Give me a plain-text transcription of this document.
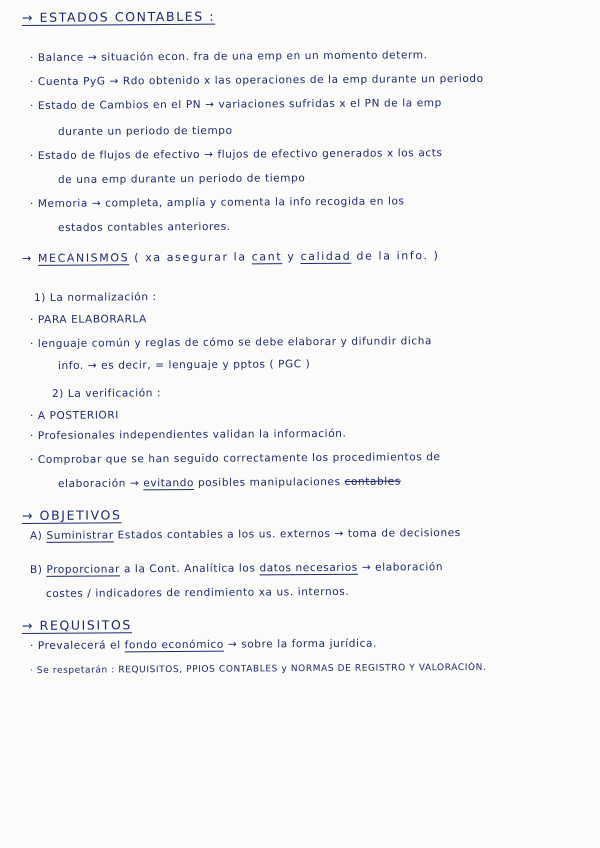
→ ESTADOS CONTABLES :
· Balance → situación econ. fra de una emp en un momento determ.
· Cuenta PyG → Rdo obtenido x las operaciones de la emp durante un periodo
· Estado de Cambios en el PN → variaciones sufridas x el PN de la emp
durante un periodo de tiempo
· Estado de flujos de efectivo → flujos de efectivo generados x los acts
de una emp durante un periodo de tiempo
· Memoria → completa, amplía y comenta la info recogida en los
estados contables anteriores.
→ MECANISMOS ( xa asegurar la cant y calidad de la info. )
1) La normalización :
· PARA ELABORARLA
· lenguaje común y reglas de cómo se debe elaborar y difundir dicha
info. → es decir, = lenguaje y pptos ( PGC )
2) La verificación :
· A POSTERIORI
· Profesionales independientes validan la información.
· Comprobar que se han seguido correctamente los procedimientos de
elaboración → evitando posibles manipulaciones contables
→ OBJETIVOS
A) Suministrar Estados contables a los us. externos → toma de decisiones
B) Proporcionar a la Cont. Analítica los datos necesarios → elaboración
costes / indicadores de rendimiento xa us. internos.
→ REQUISITOS
· Prevalecerá el fondo económico → sobre la forma jurídica.
· Se respetarán : REQUISITOS, PPIOS CONTABLES y NORMAS DE REGISTRO Y VALORACIÓN.
